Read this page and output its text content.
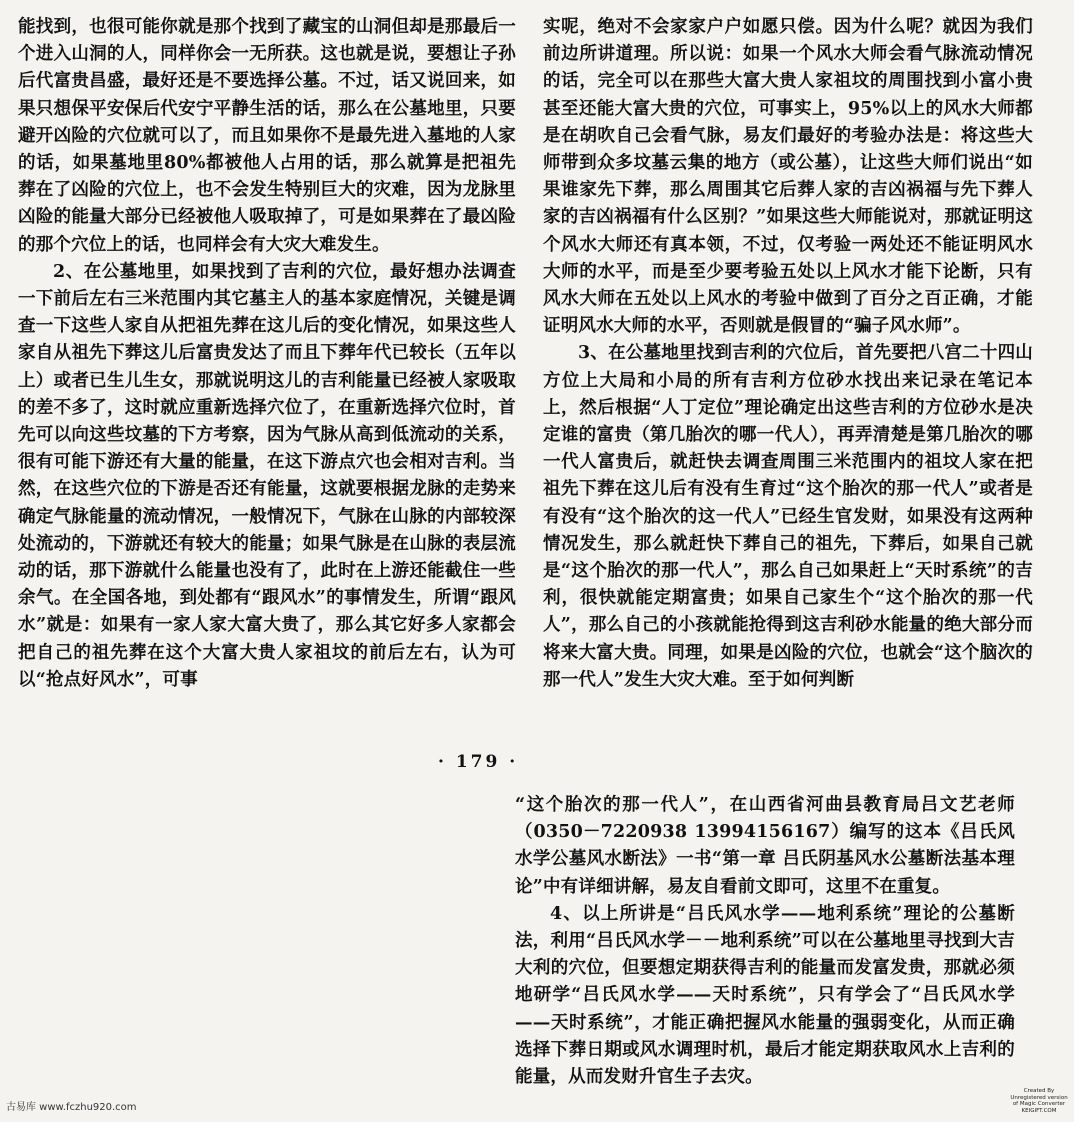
能找到，也很可能你就是那个找到了藏宝的山洞但却是那最后一个进入山洞的人，同样你会一无所获。这也就是说，要想让子孙后代富贵昌盛，最好还是不要选择公墓。不过，话又说回来，如果只想保平安保后代安宁平静生活的话，那么在公墓地里，只要避开凶险的穴位就可以了，而且如果你不是最先进入墓地的人家的话，如果墓地里80%都被他人占用的话，那么就算是把祖先葬在了凶险的穴位上，也不会发生特别巨大的灾难，因为龙脉里凶险的能量大部分已经被他人吸取掉了，可是如果葬在了最凶险的那个穴位上的话，也同样会有大灾大难发生。

2、在公墓地里，如果找到了吉利的穴位，最好想办法调查一下前后左右三米范围内其它墓主人的基本家庭情况，关键是调查一下这些人家自从把祖先葬在这儿后的变化情况，如果这些人家自从祖先下葬这儿后富贵发达了而且下葬年代已较长（五年以上）或者已生儿生女，那就说明这儿的吉利能量已经被人家吸取的差不多了，这时就应重新选择穴位了，在重新选择穴位时，首先可以向这些坟墓的下方考察，因为气脉从高到低流动的关系，很有可能下游还有大量的能量，在这下游点穴也会相对吉利。当然，在这些穴位的下游是否还有能量，这就要根据龙脉的走势来确定气脉能量的流动情况，一般情况下，气脉在山脉的内部较深处流动的，下游就还有较大的能量；如果气脉是在山脉的表层流动的话，那下游就什么能量也没有了，此时在上游还能截住一些余气。在全国各地，到处都有“跟风水”的事情发生，所谓“跟风水”就是：如果有一家人家大富大贵了，那么其它好多人家都会把自己的祖先葬在这个大富大贵人家祖坟的前后左右，认为可以“抢点好风水”，可事

· 179 ·

实呢，绝对不会家家户户如愿只偿。因为什么呢？就因为我们前边所讲道理。所以说：如果一个风水大师会看气脉流动情况的话，完全可以在那些大富大贵人家祖坟的周围找到小富小贵甚至还能大富大贵的穴位，可事实上，95%以上的风水大师都是在胡吹自己会看气脉，易友们最好的考验办法是：将这些大师带到众多坟墓云集的地方（或公墓），让这些大师们说出“如果谁家先下葬，那么周围其它后葬人家的吉凶祸福与先下葬人家的吉凶祸福有什么区别？”如果这些大师能说对，那就证明这个风水大师还有真本领，不过，仅考验一两处还不能证明风水大师的水平，而是至少要考验五处以上风水才能下论断，只有风水大师在五处以上风水的考验中做到了百分之百正确，才能证明风水大师的水平，否则就是假冒的“骗子风水师”。

3、在公墓地里找到吉利的穴位后，首先要把八宫二十四山方位上大局和小局的所有吉利方位砂水找出来记录在笔记本上，然后根据“人丁定位”理论确定出这些吉利的方位砂水是决定谁的富贵（第几胎次的哪一代人），再弄清楚是第几胎次的哪一代人富贵后，就赶快去调查周围三米范围内的祖坟人家在把祖先下葬在这儿后有没有生育过“这个胎次的那一代人”或者是有没有“这个胎次的这一代人”已经生官发财，如果没有这两种情况发生，那么就赶快下葬自己的祖先，下葬后，如果自己就是“这个胎次的那一代人”，那么自己如果赶上“天时系统”的吉利，很快就能定期富贵；如果自己家生个“这个胎次的那一代人”，那么自己的小孩就能抢得到这吉利砂水能量的绝大部分而将来大富大贵。同理，如果是凶险的穴位，也就会“这个脑次的那一代人”发生大灾大难。至于如何判断

“这个胎次的那一代人”，在山西省河曲县教育局吕文艺老师（0350－7220938 13994156167）编写的这本《吕氏风水学公墓风水断法》一书“第一章 吕氏阴基风水公墓断法基本理论”中有详细讲解，易友自看前文即可，这里不在重复。

4、以上所讲是“吕氏风水学——地利系统”理论的公墓断法，利用“吕氏风水学－－地利系统”可以在公墓地里寻找到大吉大利的穴位，但要想定期获得吉利的能量而发富发贵，那就必须地研学“吕氏风水学——天时系统”，只有学会了“吕氏风水学——天时系统”，才能正确把握风水能量的强弱变化，从而正确选择下葬日期或风水调理时机，最后才能定期获取风水上吉利的能量，从而发财升官生子去灾。

古易库 www.fczhu920.com
Created By
Unregistered version
of Magic Converter
KEIGIFT.COM
